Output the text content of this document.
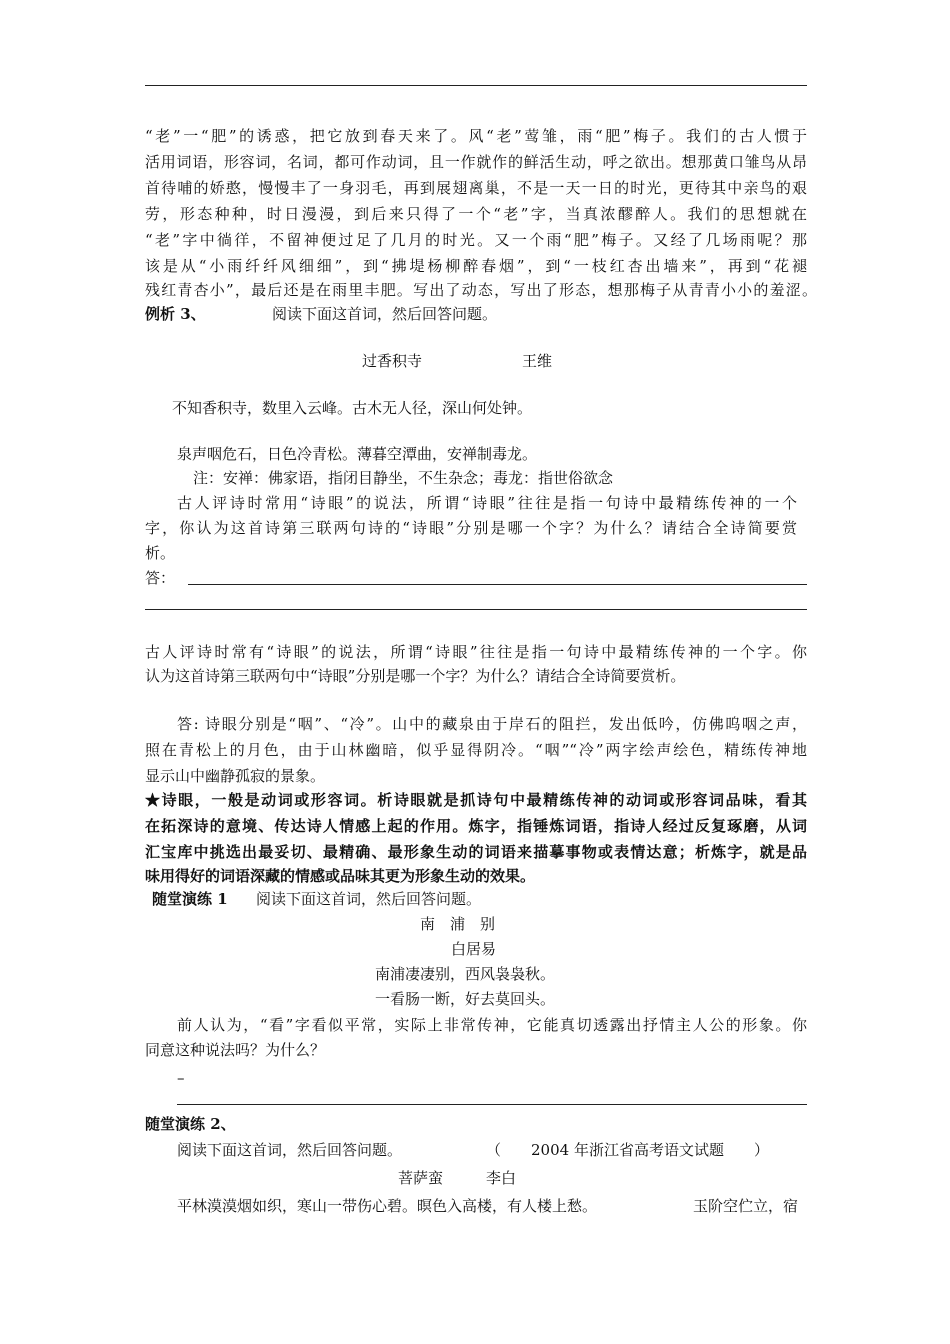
“老”一“肥”的诱惑，把它放到春天来了。风“老”莺雏，雨“肥”梅子。我们的古人惯于
活用词语，形容词，名词，都可作动词，且一作就作的鲜活生动，呼之欲出。想那黄口雏鸟从昂
首待哺的娇憨，慢慢丰了一身羽毛，再到展翅离巢，不是一天一日的时光，更待其中亲鸟的艰
劳，形态种种，时日漫漫，到后来只得了一个“老”字，当真浓醪醉人。我们的思想就在
“老”字中徜徉，不留神便过足了几月的时光。又一个雨“肥”梅子。又经了几场雨呢？那
该是从“小雨纤纤风细细”，到“拂堤杨柳醉春烟”，到“一枝红杏出墙来”，再到“花褪
残红青杏小”，最后还是在雨里丰肥。写出了动态，写出了形态，想那梅子从青青小小的羞涩。
例析 3、	阅读下面这首词，然后回答问题。
过香积寺	王维
不知香积寺，数里入云峰。古木无人径，深山何处钟。
泉声咽危石，日色冷青松。薄暮空潭曲，安禅制毒龙。
注：安禅：佛家语，指闭目静坐，不生杂念；毒龙：指世俗欲念
古人评诗时常用“诗眼”的说法，所谓“诗眼”往往是指一句诗中最精练传神的一个
字，你认为这首诗第三联两句诗的“诗眼”分别是哪一个字？为什么？请结合全诗简要赏
析。
答：
古人评诗时常有“诗眼”的说法，所谓“诗眼”往往是指一句诗中最精练传神的一个字。你
认为这首诗第三联两句中“诗眼”分别是哪一个字？为什么？请结合全诗简要赏析。
答: 诗眼分别是“咽”、“冷”。山中的藏泉由于岸石的阻拦，发出低吟，仿佛呜咽之声，
照在青松上的月色，由于山林幽暗，似乎显得阴冷。“咽”“冷”两字绘声绘色，精练传神地
显示山中幽静孤寂的景象。
★诗眼，一般是动词或形容词。析诗眼就是抓诗句中最精练传神的动词或形容词品味，看其
在拓深诗的意境、传达诗人情感上起的作用。炼字，指锤炼词语，指诗人经过反复琢磨，从词
汇宝库中挑选出最妥切、最精确、最形象生动的词语来描摹事物或表情达意；析炼字，就是品
味用得好的词语深藏的情感或品味其更为形象生动的效果。
随堂演练 1 阅读下面这首词，然后回答问题。
南　浦　别
白居易
南浦凄凄别，西风袅袅秋。
一看肠一断，好去莫回头。
前人认为，“看”字看似平常，实际上非常传神，它能真切透露出抒情主人公的形象。你
同意这种说法吗？为什么？
–
随堂演练 2、
阅读下面这首词，然后回答问题。	（　　2004 年浙江省高考语文试题　　）
菩萨蛮	李白
平林漠漠烟如织，寒山一带伤心碧。暝色入高楼，有人楼上愁。	玉阶空伫立，宿
